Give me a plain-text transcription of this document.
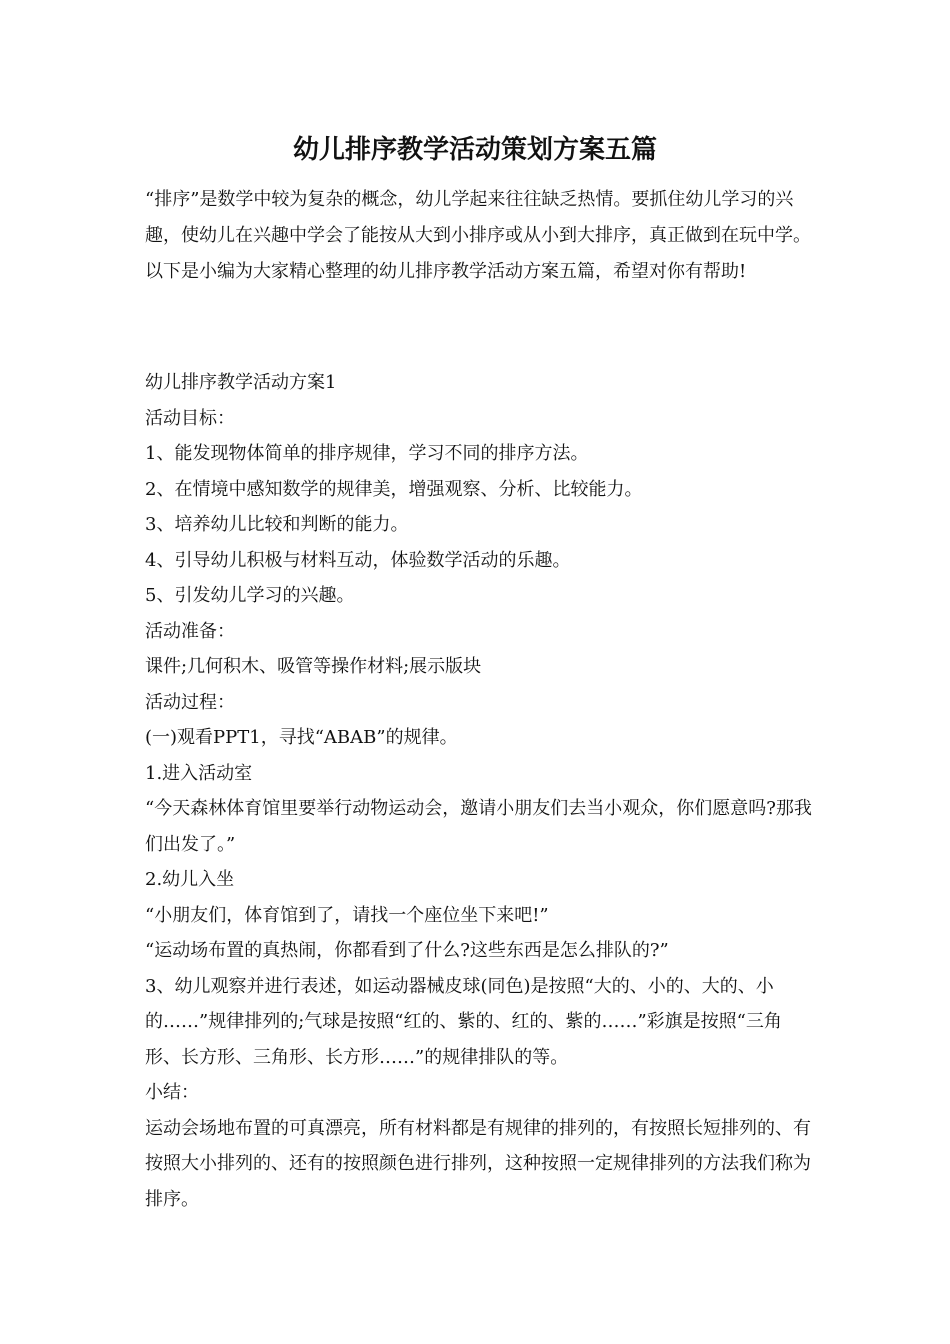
幼儿排序教学活动策划方案五篇
“排序”是数学中较为复杂的概念，幼儿学起来往往缺乏热情。要抓住幼儿学习的兴趣，使幼儿在兴趣中学会了能按从大到小排序或从小到大排序，真正做到在玩中学。以下是小编为大家精心整理的幼儿排序教学活动方案五篇，希望对你有帮助!

幼儿排序教学活动方案1

活动目标：

1、能发现物体简单的排序规律，学习不同的排序方法。

2、在情境中感知数学的规律美，增强观察、分析、比较能力。

3、培养幼儿比较和判断的能力。

4、引导幼儿积极与材料互动，体验数学活动的乐趣。

5、引发幼儿学习的兴趣。

活动准备：

课件;几何积木、吸管等操作材料;展示版块

活动过程：

(一)观看PPT1，寻找“ABAB”的规律。

1.进入活动室

“今天森林体育馆里要举行动物运动会，邀请小朋友们去当小观众，你们愿意吗?那我们出发了。”

2.幼儿入坐

“小朋友们，体育馆到了，请找一个座位坐下来吧!”

“运动场布置的真热闹，你都看到了什么?这些东西是怎么排队的?”

3、幼儿观察并进行表述，如运动器械皮球(同色)是按照“大的、小的、大的、小的……”规律排列的;气球是按照“红的、紫的、红的、紫的……”彩旗是按照“三角形、长方形、三角形、长方形……”的规律排队的等。

小结：

运动会场地布置的可真漂亮，所有材料都是有规律的排列的，有按照长短排列的、有按照大小排列的、还有的按照颜色进行排列，这种按照一定规律排列的方法我们称为排序。
